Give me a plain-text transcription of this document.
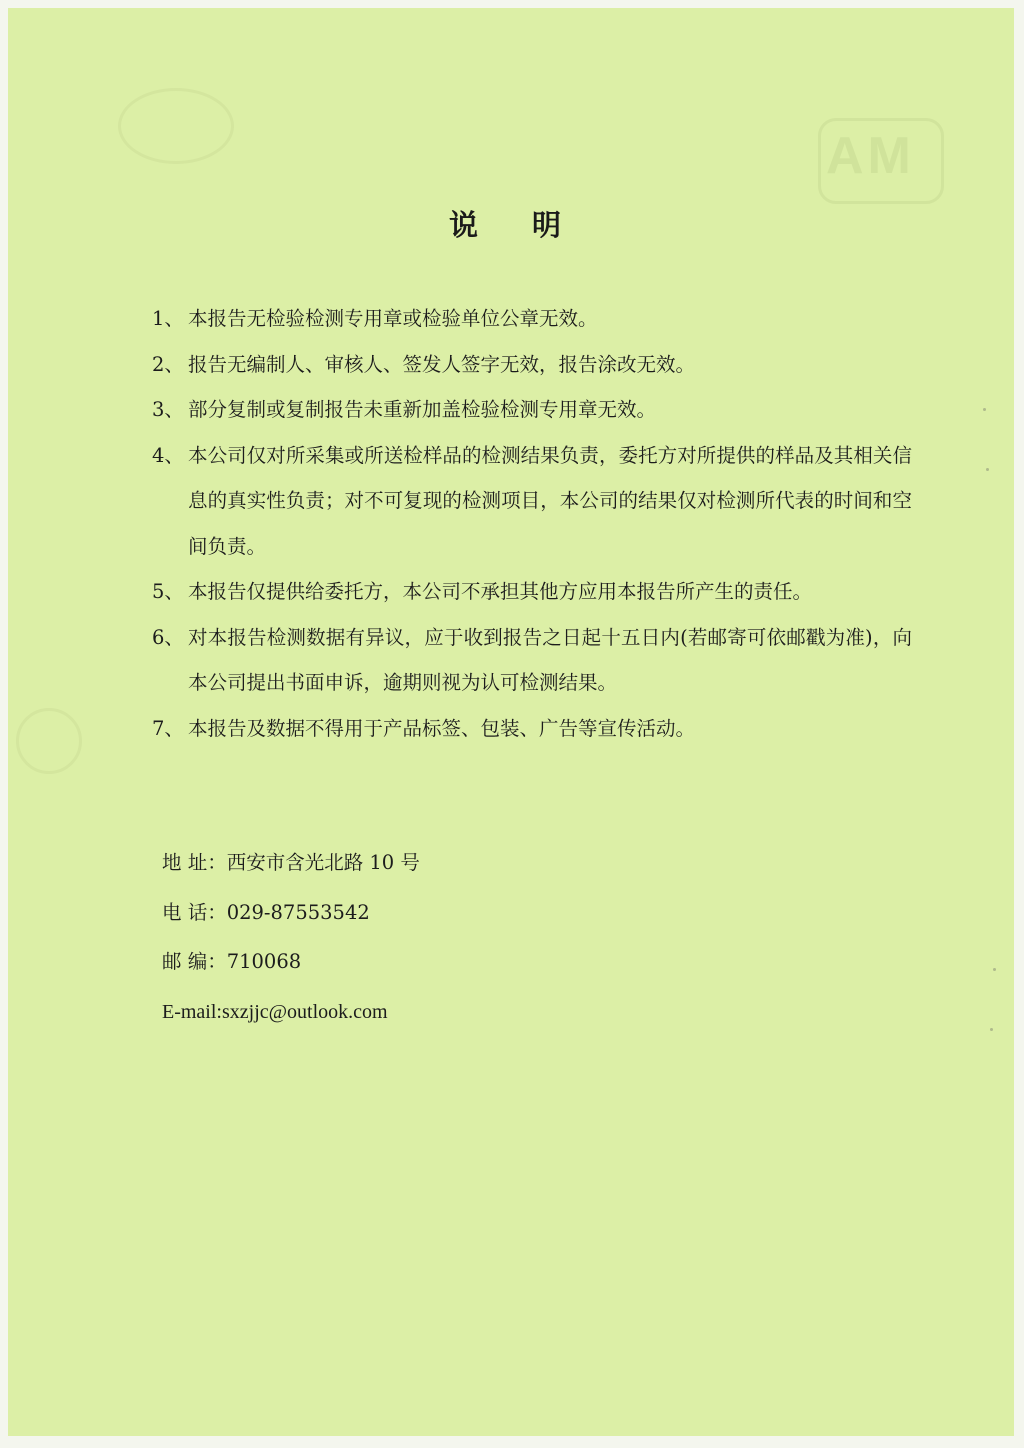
AM
说 明
1、 本报告无检验检测专用章或检验单位公章无效。
2、 报告无编制人、审核人、签发人签字无效，报告涂改无效。
3、 部分复制或复制报告未重新加盖检验检测专用章无效。
4、 本公司仅对所采集或所送检样品的检测结果负责，委托方对所提供的样品及其相关信息的真实性负责；对不可复现的检测项目，本公司的结果仅对检测所代表的时间和空间负责。
5、 本报告仅提供给委托方，本公司不承担其他方应用本报告所产生的责任。
6、 对本报告检测数据有异议，应于收到报告之日起十五日内(若邮寄可依邮戳为准)，向本公司提出书面申诉，逾期则视为认可检测结果。
7、 本报告及数据不得用于产品标签、包装、广告等宣传活动。
地 址：西安市含光北路 10 号
电 话：029-87553542
邮 编：710068
E-mail:sxzjjc@outlook.com
